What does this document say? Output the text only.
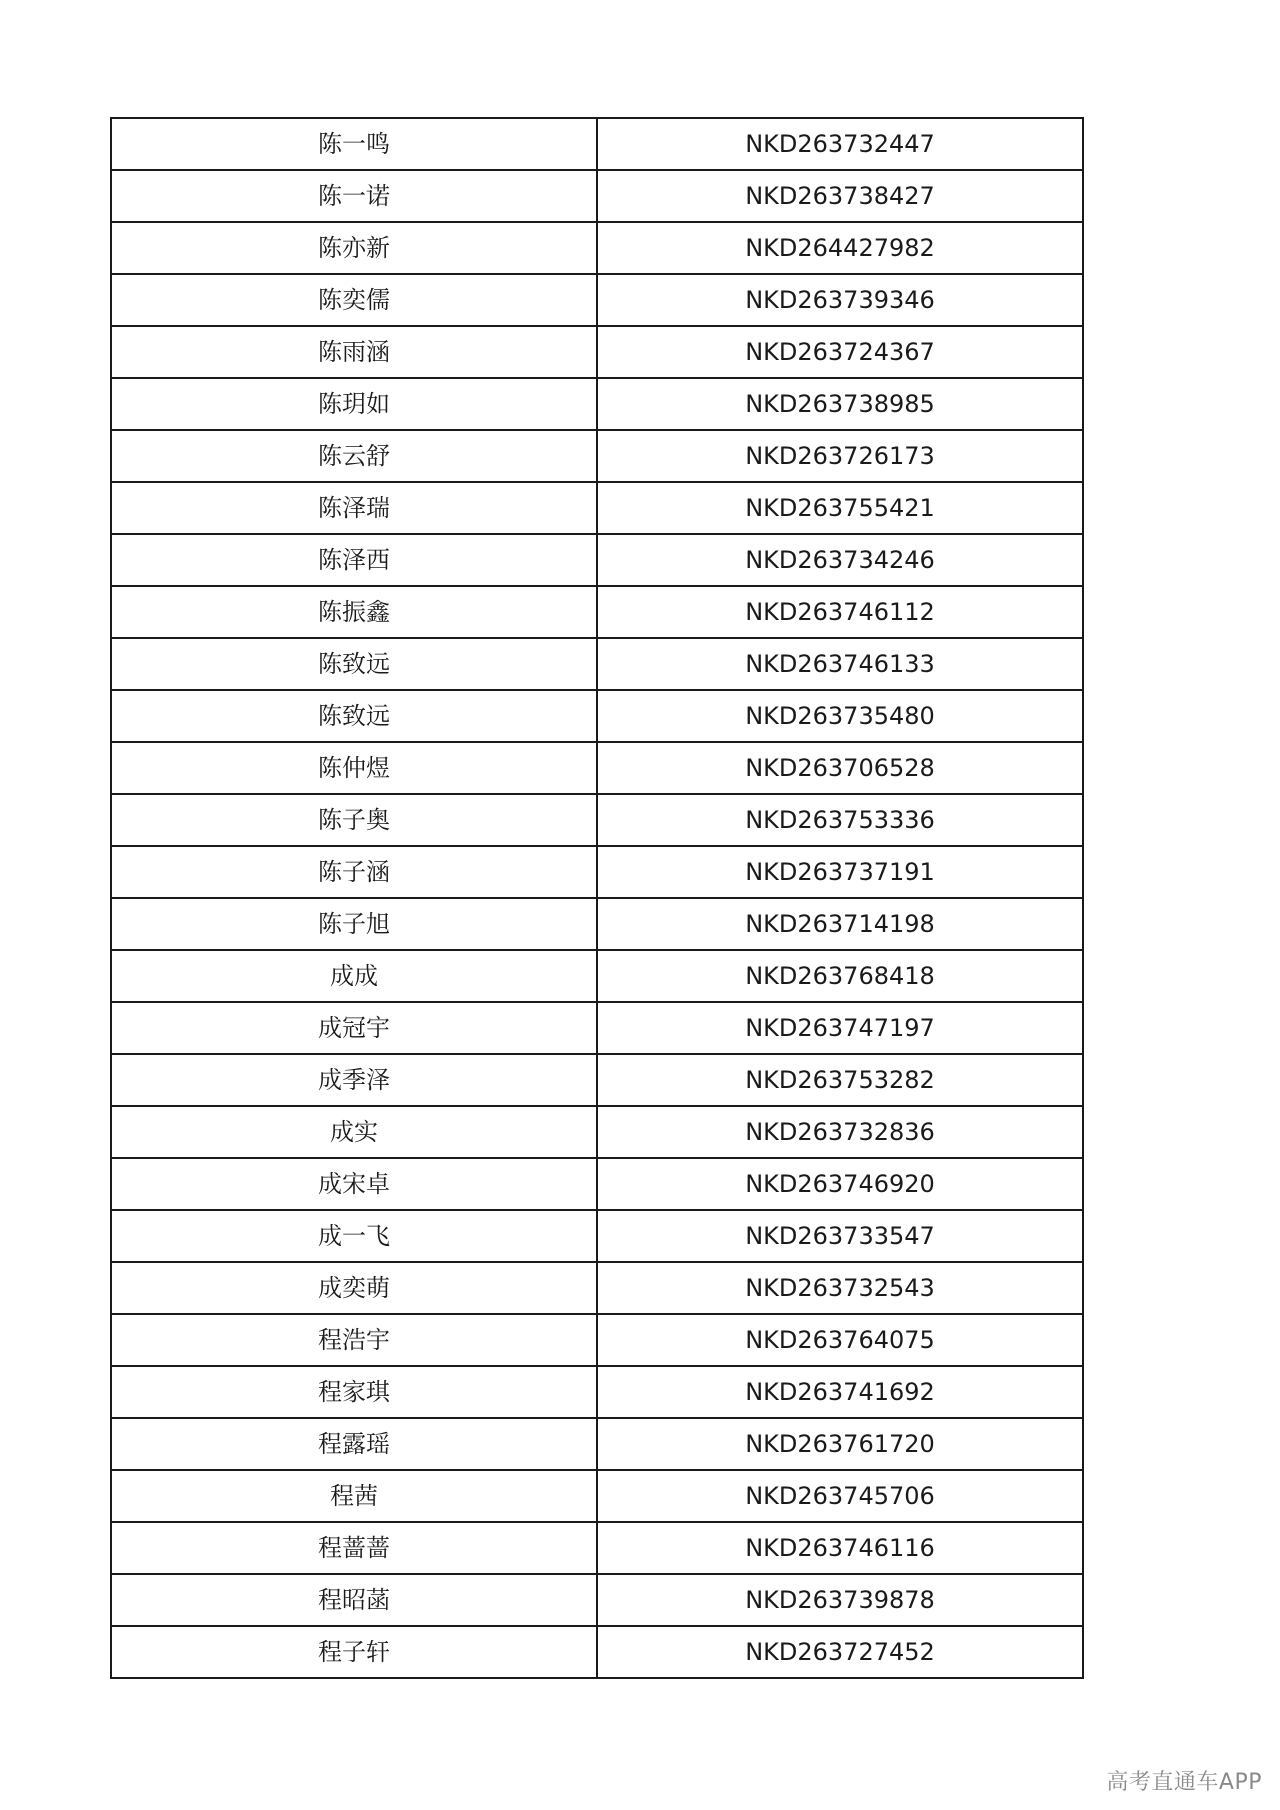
陈一鸣	NKD263732447
陈一诺	NKD263738427
陈亦新	NKD264427982
陈奕儒	NKD263739346
陈雨涵	NKD263724367
陈玥如	NKD263738985
陈云舒	NKD263726173
陈泽瑞	NKD263755421
陈泽西	NKD263734246
陈振鑫	NKD263746112
陈致远	NKD263746133
陈致远	NKD263735480
陈仲煜	NKD263706528
陈子奥	NKD263753336
陈子涵	NKD263737191
陈子旭	NKD263714198
成成	NKD263768418
成冠宇	NKD263747197
成季泽	NKD263753282
成实	NKD263732836
成宋卓	NKD263746920
成一飞	NKD263733547
成奕萌	NKD263732543
程浩宇	NKD263764075
程家琪	NKD263741692
程露瑶	NKD263761720
程茜	NKD263745706
程蔷蔷	NKD263746116
程昭菡	NKD263739878
程子轩	NKD263727452
高考直通车APP
